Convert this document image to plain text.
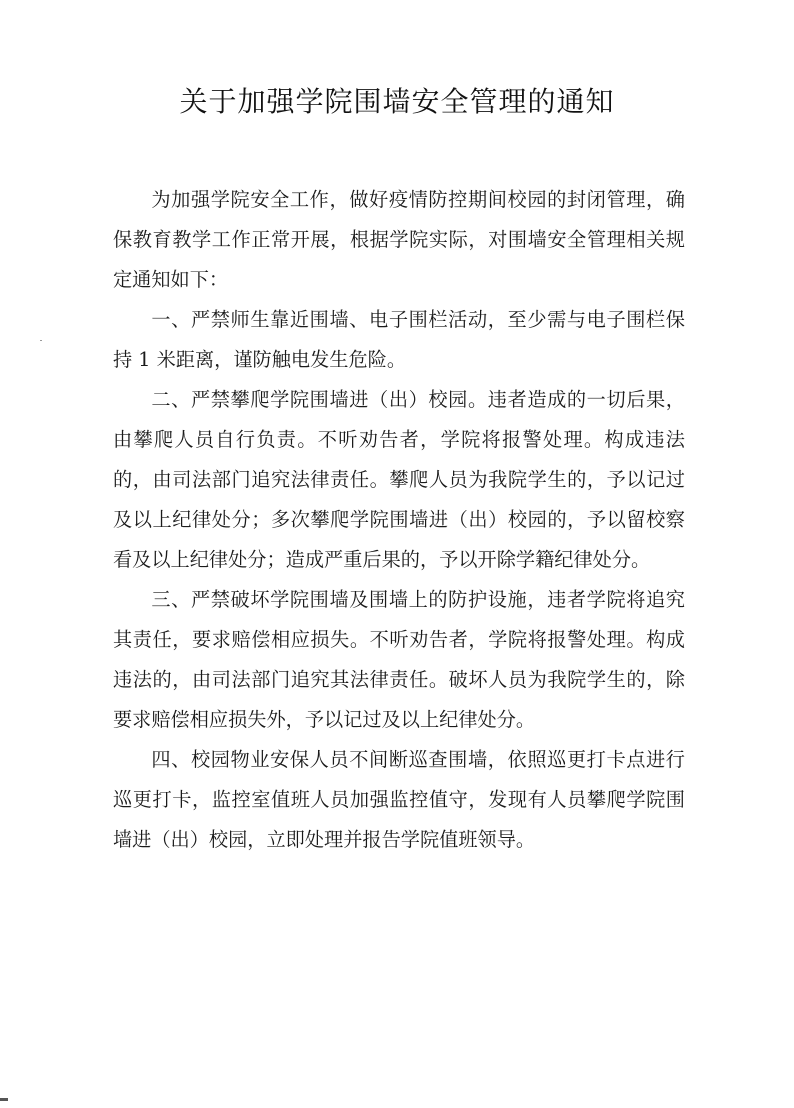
关于加强学院围墙安全管理的通知

为加强学院安全工作，做好疫情防控期间校园的封闭管理，确保教育教学工作正常开展，根据学院实际，对围墙安全管理相关规定通知如下：

一、严禁师生靠近围墙、电子围栏活动，至少需与电子围栏保持 1 米距离，谨防触电发生危险。

二、严禁攀爬学院围墙进（出）校园。违者造成的一切后果，由攀爬人员自行负责。不听劝告者，学院将报警处理。构成违法的，由司法部门追究法律责任。攀爬人员为我院学生的，予以记过及以上纪律处分；多次攀爬学院围墙进（出）校园的，予以留校察看及以上纪律处分；造成严重后果的，予以开除学籍纪律处分。

三、严禁破坏学院围墙及围墙上的防护设施，违者学院将追究其责任，要求赔偿相应损失。不听劝告者，学院将报警处理。构成违法的，由司法部门追究其法律责任。破坏人员为我院学生的，除要求赔偿相应损失外，予以记过及以上纪律处分。

四、校园物业安保人员不间断巡查围墙，依照巡更打卡点进行巡更打卡，监控室值班人员加强监控值守，发现有人员攀爬学院围墙进（出）校园，立即处理并报告学院值班领导。
